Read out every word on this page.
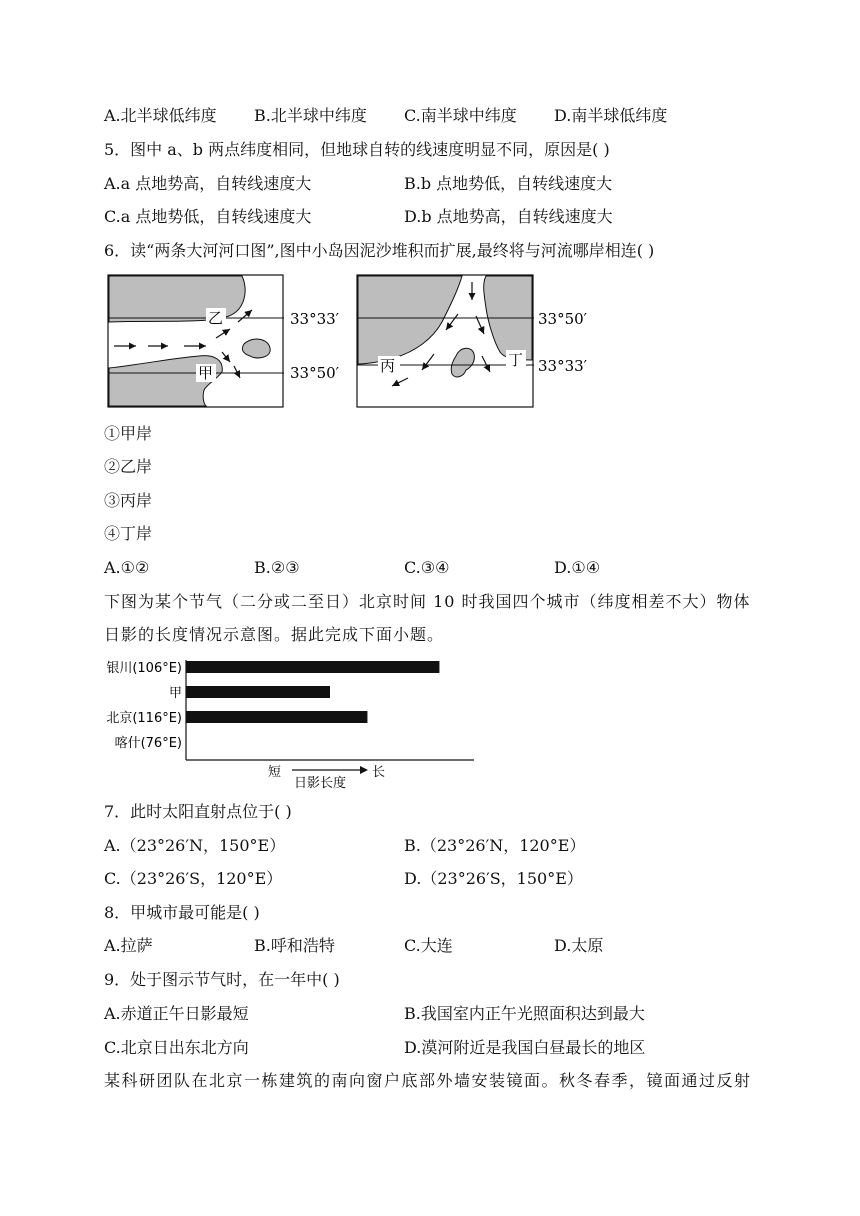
A.北半球低纬度 B.北半球中纬度 C.南半球中纬度 D.南半球低纬度
5．图中 a、b 两点纬度相同，但地球自转的线速度明显不同，原因是( )
A.a 点地势高，自转线速度大	B.b 点地势低，自转线速度大
C.a 点地势低，自转线速度大	D.b 点地势高，自转线速度大
6．读“两条大河河口图”,图中小岛因泥沙堆积而扩展,最终将与河流哪岸相连( )
乙
甲
33°33′
33°50′	丙	丁
33°50′
33°33′
①甲岸
②乙岸
③丙岸
④丁岸
A.①②	B.②③	C.③④	D.①④
下图为某个节气（二分或二至日）北京时间 10 时我国四个城市（纬度相差不大）物体
日影的长度情况示意图。据此完成下面小题。
银川(106°E)
甲
北京(116°E)
喀什(76°E)
短	长
日影长度
7．此时太阳直射点位于( )
A.（23°26′N，150°E）	B.（23°26′N，120°E）
C.（23°26′S，120°E）	D.（23°26′S，150°E）
8．甲城市最可能是( )
A.拉萨	B.呼和浩特	C.大连	D.太原
9．处于图示节气时，在一年中( )
A.赤道正午日影最短	B.我国室内正午光照面积达到最大
C.北京日出东北方向	D.漠河附近是我国白昼最长的地区
某科研团队在北京一栋建筑的南向窗户底部外墙安装镜面。秋冬春季，镜面通过反射
